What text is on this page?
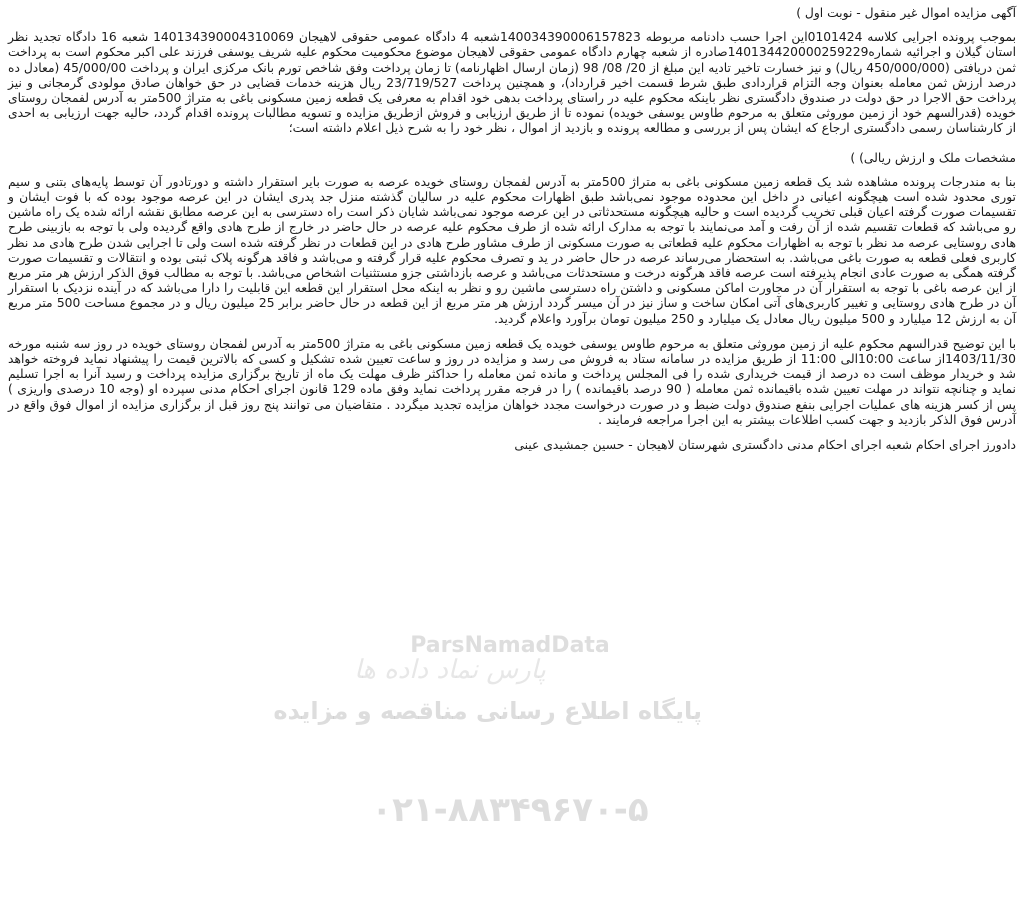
آگهی مزایده اموال غیر منقول - نوبت اول )

بموجب پرونده اجرایی کلاسه 0101424این اجرا حسب دادنامه مربوطه 140034390006157823شعبه 4 دادگاه عمومی حقوقی لاهیجان 140134390004310069 شعبه 16 دادگاه تجدید نظر استان گیلان و اجرائیه شماره140134420000259229صادره از شعبه چهارم دادگاه عمومی حقوقی لاهیجان موضوع محکومیت محکوم علیه شریف یوسفی فرزند علی اکبر محکوم است به پرداخت ثمن دریافتی (450/000/000 ریال) و نیز خسارت تاخیر تادیه این مبلغ از 20/ 08/ 98 (زمان ارسال اظهارنامه) تا زمان پرداخت وفق شاخص تورم بانک مرکزی ایران و پرداخت 45/000/00 (معادل ده درصد ارزش ثمن معامله بعنوان وجه التزام قراردادی طبق شرط قسمت اخیر قرارداد)، و همچنین پرداخت 23/719/527 ریال هزینه خدمات قضایی در حق خواهان صادق مولودی گرمجانی و نیز پرداخت حق الاجرا در حق دولت در صندوق دادگستری نظر باینکه محکوم علیه در راستای پرداخت بدهی خود اقدام به معرفی یک قطعه زمین مسکونی باغی به متراژ 500متر به آدرس لفمجان روستای خویده (قدرالسهم خود از زمین موروثی متعلق به مرحوم طاوس یوسفی خویده) نموده تا از طریق ارزیابی و فروش ازطریق مزایده و تسویه مطالبات پرونده اقدام گردد، حالیه جهت ارزیابی به احدی از کارشناسان رسمی دادگستری ارجاع که ایشان پس از بررسی و مطالعه پرونده و بازدید از اموال ، نظر خود را به شرح ذیل اعلام داشته است؛

مشخصات ملک و ارزش ریالی) )

بنا به مندرجات پرونده مشاهده شد یک قطعه زمین مسکونی باغی به متراژ 500متر به آدرس لفمجان روستای خویده عرصه به صورت بایر استقرار داشته و دورتادور آن توسط پایه‌های بتنی و سیم توری محدود شده است هیچگونه اعیانی در داخل این محدوده موجود نمی‌باشد طبق اظهارات محکوم علیه در سالیان گذشته منزل جد پدری ایشان در این عرصه موجود بوده که با فوت ایشان و تقسیمات صورت گرفته اعیان قبلی تخریب گردیده است و حالیه هیچگونه مستحدثاتی در این عرصه موجود نمی‌باشد شایان ذکر است راه دسترسی به این عرصه مطابق نقشه ارائه شده یک راه ماشین رو می‌باشد که قطعات تقسیم شده از آن رفت و آمد می‌نمایند با توجه به مدارک ارائه شده از طرف محکوم علیه عرصه در حال حاضر در خارج از طرح هادی واقع گردیده ولی با توجه به بازبینی طرح هادی روستایی عرصه مد نظر با توجه به اظهارات محکوم علیه قطعاتی به صورت مسکونی از طرف مشاور طرح هادی در این قطعات در نظر گرفته شده است ولی تا اجرایی شدن طرح هادی مد نظر کاربری فعلی قطعه به صورت باغی می‌باشد. به استحضار می‌رساند عرصه در حال حاضر در ید و تصرف محکوم علیه قرار گرفته و می‌باشد و فاقد هرگونه پلاک ثبتی بوده و انتقالات و تقسیمات صورت گرفته همگی به صورت عادی انجام پذیرفته است عرصه فاقد هرگونه درخت و مستحدثات می‌باشد و عرصه بازداشتی جزو مستثنیات اشخاص می‌باشد. با توجه به مطالب فوق الذکر ارزش هر متر مربع از این عرصه باغی با توجه به استقرار آن در مجاورت اماکن مسکونی و داشتن راه دسترسی ماشین رو و نظر به اینکه محل استقرار این قطعه این قابلیت را دارا می‌باشد که در آینده نزدیک با استقرار آن در طرح هادی روستایی و تغییر کاربری‌های آتی امکان ساخت و ساز نیز در آن میسر گردد ارزش هر متر مربع از این قطعه در حال حاضر برابر 25 میلیون ریال و در مجموع مساحت 500 متر مربع آن به ارزش 12 میلیارد و 500 میلیون ریال معادل یک میلیارد و 250 میلیون تومان برآورد واعلام گردید.

با این توضیح قدرالسهم محکوم علیه از زمین موروثی متعلق به مرحوم طاوس یوسفی خویده یک قطعه زمین مسکونی باغی به متراژ 500متر به آدرس لفمجان روستای خویده در روز سه شنبه مورخه 1403/11/30از ساعت 10:00الی 11:00 از طریق مزایده در سامانه ستاد به فروش می رسد و مزایده در روز و ساعت تعیین شده تشکیل و کسی که بالاترین قیمت را پیشنهاد نماید فروخته خواهد شد و خریدار موظف است ده درصد از قیمت خریداری شده را فی المجلس پرداخت و مانده ثمن معامله را حداکثر ظرف مهلت یک ماه از تاریخ برگزاری مزایده پرداخت و رسید آنرا به اجرا تسلیم نماید و چنانچه نتواند در مهلت تعیین شده باقیمانده ثمن معامله ( 90 درصد باقیمانده ) را در فرجه مقرر پرداخت نماید وفق ماده 129 قانون اجرای احکام مدنی سپرده او (وجه 10 درصدی واریزی ) پس از کسر هزینه های عملیات اجرایی بنفع صندوق دولت ضبط و در صورت درخواست مجدد خواهان مزایده تجدید میگردد . متقاضیان می توانند پنج روز قبل از برگزاری مزایده از اموال فوق واقع در آدرس فوق الذکر بازدید و جهت کسب اطلاعات بیشتر به این اجرا مراجعه فرمایند .

دادورز اجرای احکام شعبه اجرای احکام مدنی دادگستری شهرستان لاهیجان - حسین جمشیدی عینی

ParsNamadData
پارس نماد داده ها
پایگاه اطلاع رسانی مناقصه و مزایده
۰۲۱-۸۸۳۴۹۶۷۰-۵
